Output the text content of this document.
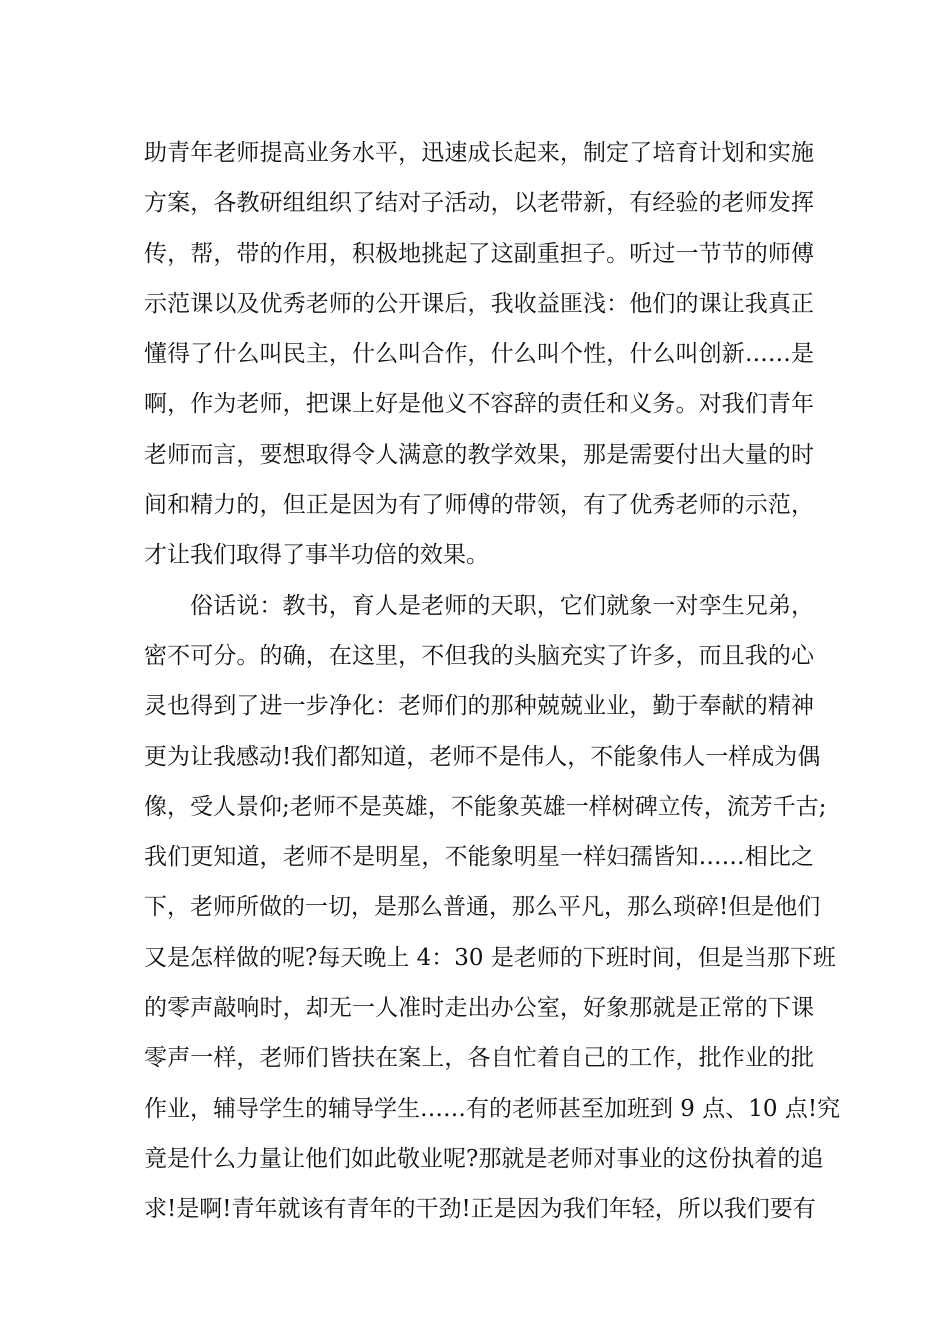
助青年老师提高业务水平，迅速成长起来，制定了培育计划和实施
方案，各教研组组织了结对子活动，以老带新，有经验的老师发挥
传，帮，带的作用，积极地挑起了这副重担子。听过一节节的师傅
示范课以及优秀老师的公开课后，我收益匪浅：他们的课让我真正
懂得了什么叫民主，什么叫合作，什么叫个性，什么叫创新……是
啊，作为老师，把课上好是他义不容辞的责任和义务。对我们青年
老师而言，要想取得令人满意的教学效果，那是需要付出大量的时
间和精力的，但正是因为有了师傅的带领，有了优秀老师的示范，
才让我们取得了事半功倍的效果。
俗话说：教书，育人是老师的天职，它们就象一对孪生兄弟，
密不可分。的确，在这里，不但我的头脑充实了许多，而且我的心
灵也得到了进一步净化：老师们的那种兢兢业业，勤于奉献的精神
更为让我感动!我们都知道，老师不是伟人，不能象伟人一样成为偶
像，受人景仰;老师不是英雄，不能象英雄一样树碑立传，流芳千古;
我们更知道，老师不是明星，不能象明星一样妇孺皆知……相比之
下，老师所做的一切，是那么普通，那么平凡，那么琐碎!但是他们
又是怎样做的呢?每天晚上 4：30 是老师的下班时间，但是当那下班
的零声敲响时，却无一人准时走出办公室，好象那就是正常的下课
零声一样，老师们皆扶在案上，各自忙着自己的工作，批作业的批
作业，辅导学生的辅导学生……有的老师甚至加班到 9 点、10 点!究
竟是什么力量让他们如此敬业呢?那就是老师对事业的这份执着的追
求!是啊!青年就该有青年的干劲!正是因为我们年轻，所以我们要有
